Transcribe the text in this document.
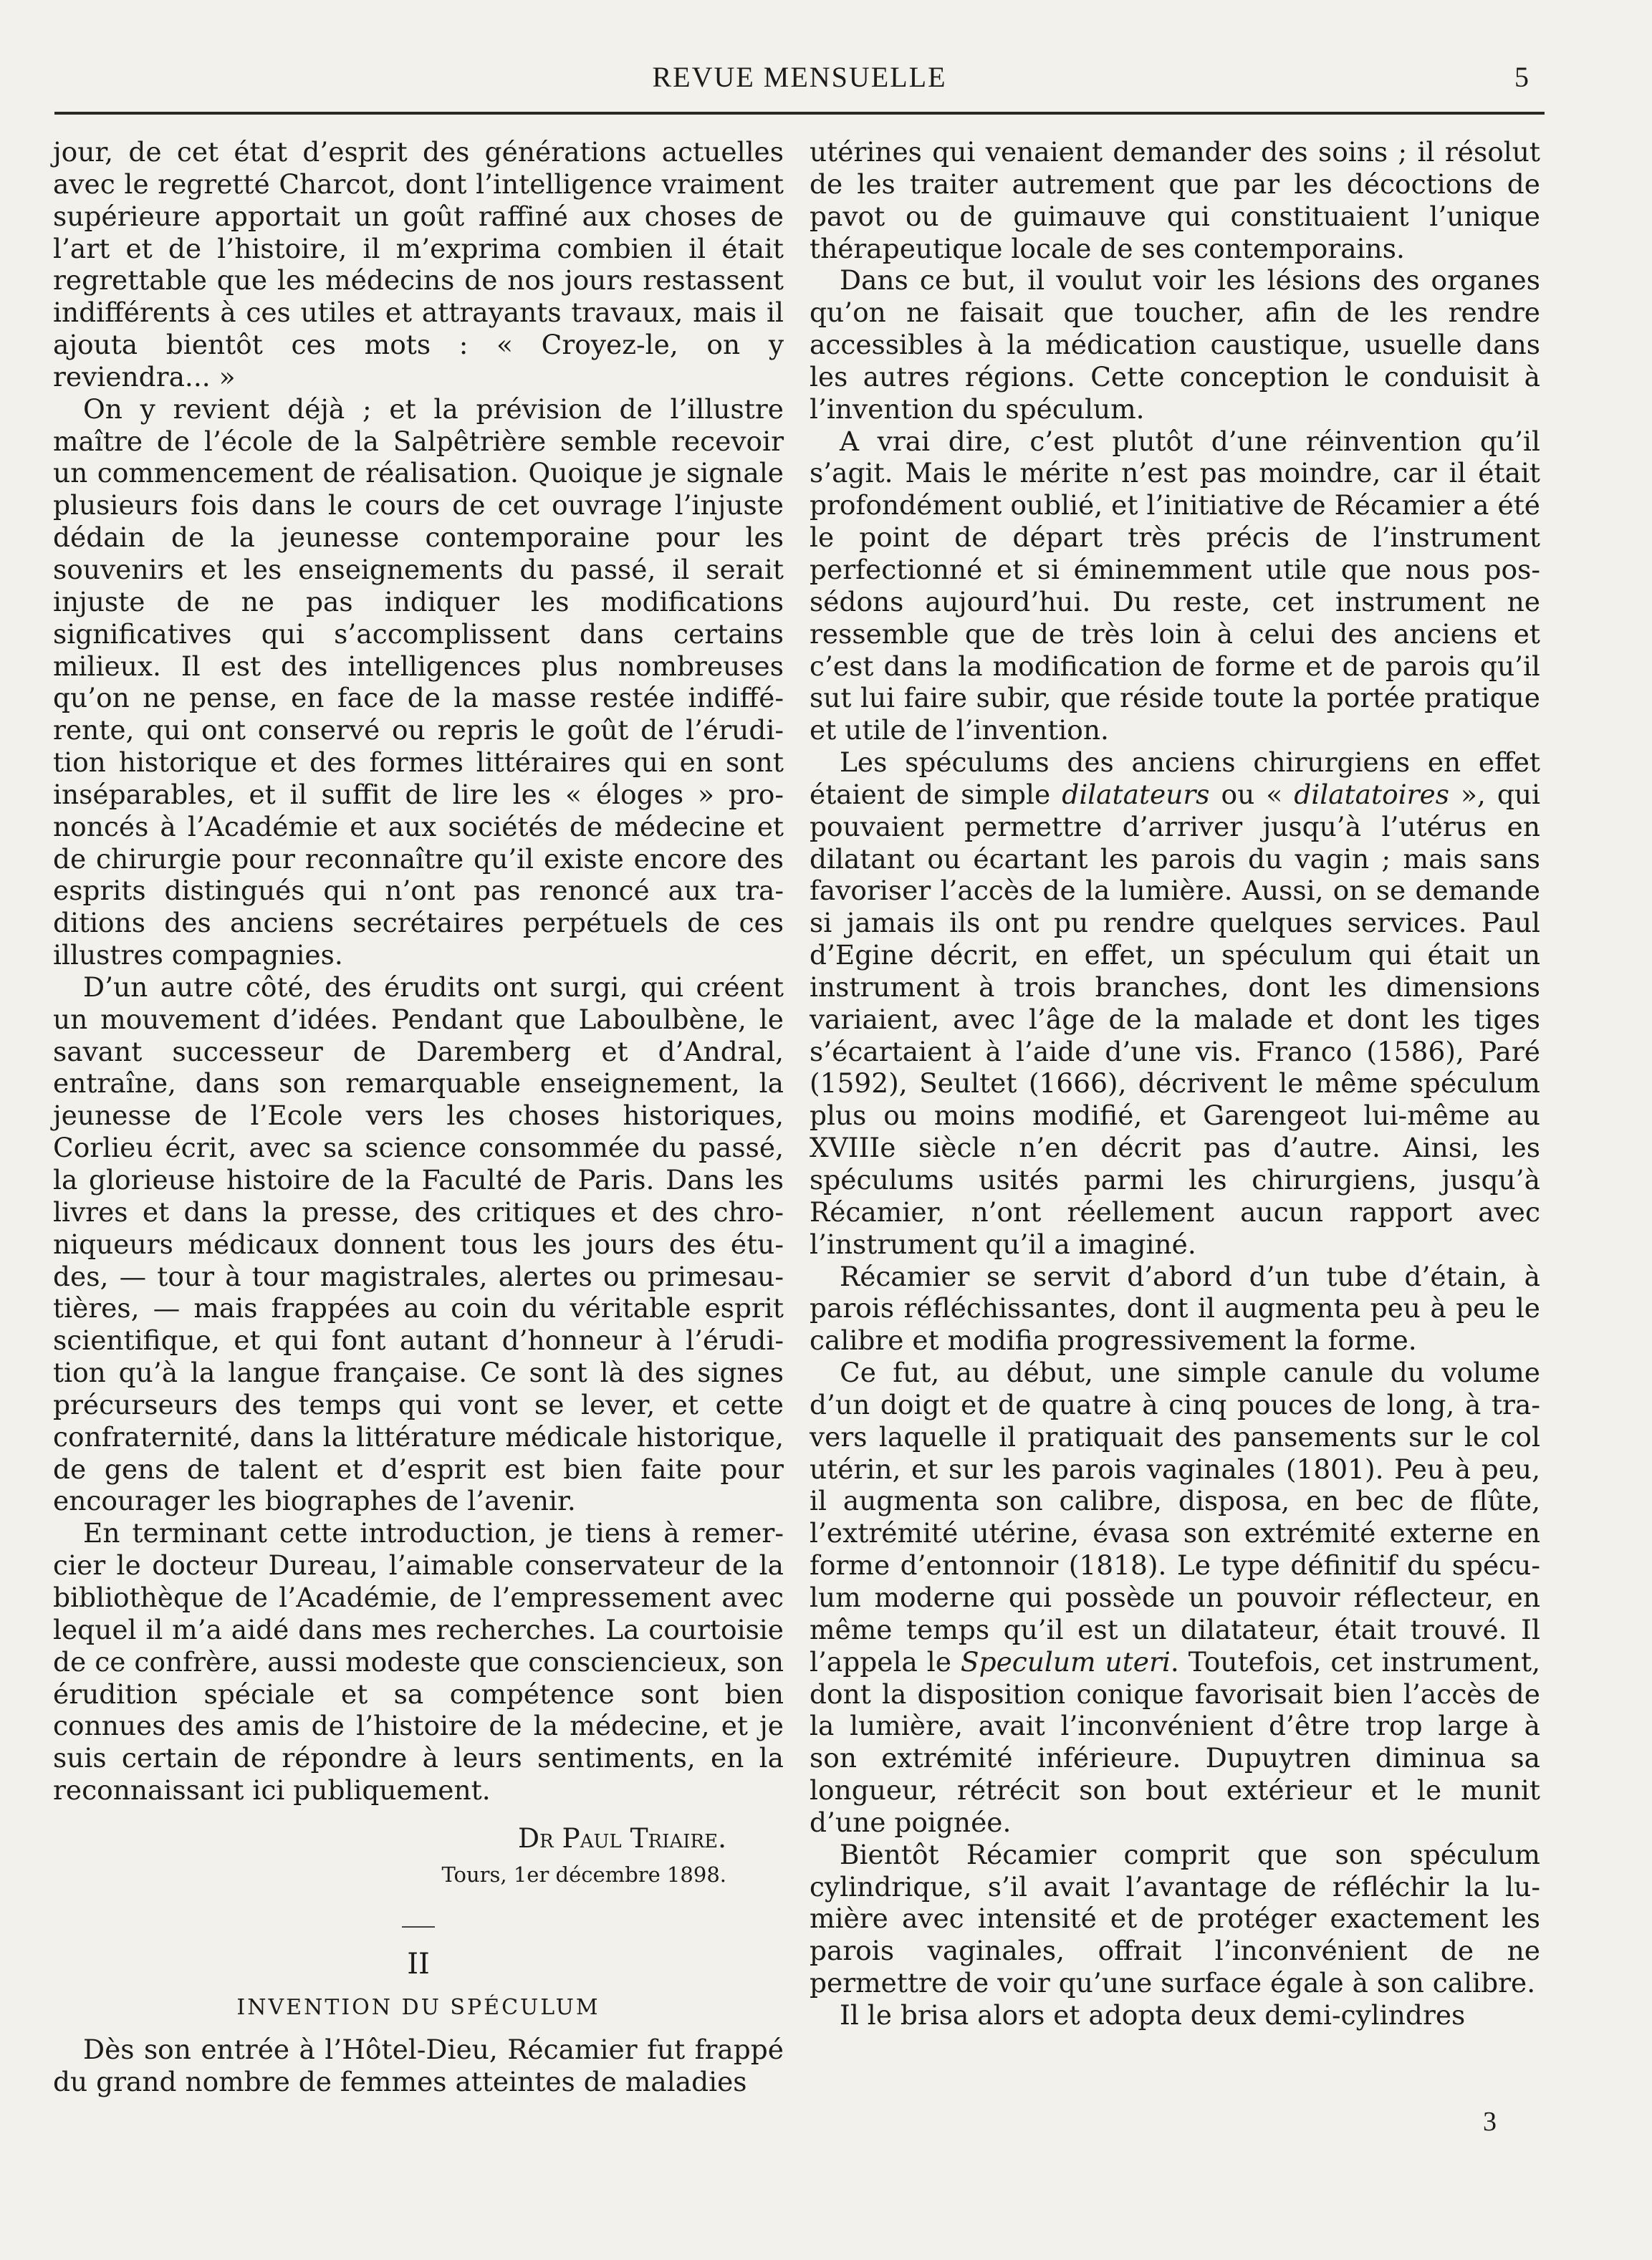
REVUE MENSUELLE	5

jour, de cet état d’esprit des générations actuelles avec le regretté Charcot, dont l’intelligence vraiment supérieure apportait un goût raffiné aux choses de l’art et de l’histoire, il m’exprima combien il était regrettable que les médecins de nos jours restassent indifférents à ces utiles et attrayants travaux, mais il ajouta bientôt ces mots : « Croyez-le, on y reviendra... »

On y revient déjà ; et la prévision de l’illustre maître de l’école de la Salpêtrière semble recevoir un commencement de réalisation. Quoique je signale plusieurs fois dans le cours de cet ouvrage l’injuste dédain de la jeunesse contemporaine pour les souvenirs et les enseignements du passé, il serait injuste de ne pas indiquer les modifications significatives qui s’accomplissent dans certains milieux. Il est des intelligences plus nombreuses qu’on ne pense, en face de la masse restée indifférente, qui ont conservé ou repris le goût de l’érudition historique et des formes littéraires qui en sont inséparables, et il suffit de lire les « éloges » prononcés à l’Académie et aux sociétés de médecine et de chirurgie pour reconnaître qu’il existe encore des esprits distingués qui n’ont pas renoncé aux traditions des anciens secrétaires perpétuels de ces illustres compagnies.

D’un autre côté, des érudits ont surgi, qui créent un mouvement d’idées. Pendant que Laboulbène, le savant successeur de Daremberg et d’Andral, entraîne, dans son remarquable enseignement, la jeunesse de l’Ecole vers les choses historiques, Corlieu écrit, avec sa science consommée du passé, la glorieuse histoire de la Faculté de Paris. Dans les livres et dans la presse, des critiques et des chroniqueurs médicaux donnent tous les jours des études, — tour à tour magistrales, alertes ou primesautières, — mais frappées au coin du véritable esprit scientifique, et qui font autant d’honneur à l’érudition qu’à la langue française. Ce sont là des signes précurseurs des temps qui vont se lever, et cette confraternité, dans la littérature médicale historique, de gens de talent et d’esprit est bien faite pour encourager les biographes de l’avenir.

En terminant cette introduction, je tiens à remercier le docteur Dureau, l’aimable conservateur de la bibliothèque de l’Académie, de l’empressement avec lequel il m’a aidé dans mes recherches. La courtoisie de ce confrère, aussi modeste que consciencieux, son érudition spéciale et sa compétence sont bien connues des amis de l’histoire de la médecine, et je suis certain de répondre à leurs sentiments, en la reconnaissant ici publiquement.

Dr Paul Triaire.
Tours, 1er décembre 1898.
II
INVENTION DU SPÉCULUM

Dès son entrée à l’Hôtel-Dieu, Récamier fut frappé du grand nombre de femmes atteintes de maladies

utérines qui venaient demander des soins ; il résolut de les traiter autrement que par les décoctions de pavot ou de guimauve qui constituaient l’unique thérapeutique locale de ses contemporains.

Dans ce but, il voulut voir les lésions des organes qu’on ne faisait que toucher, afin de les rendre accessibles à la médication caustique, usuelle dans les autres régions. Cette conception le conduisit à l’invention du spéculum.

A vrai dire, c’est plutôt d’une réinvention qu’il s’agit. Mais le mérite n’est pas moindre, car il était profondément oublié, et l’initiative de Récamier a été le point de départ très précis de l’instrument perfectionné et si éminemment utile que nous possédons aujourd’hui. Du reste, cet instrument ne ressemble que de très loin à celui des anciens et c’est dans la modification de forme et de parois qu’il sut lui faire subir, que réside toute la portée pratique et utile de l’invention.

Les spéculums des anciens chirurgiens en effet étaient de simple dilatateurs ou « dilatatoires », qui pouvaient permettre d’arriver jusqu’à l’utérus en dilatant ou écartant les parois du vagin ; mais sans favoriser l’accès de la lumière. Aussi, on se demande si jamais ils ont pu rendre quelques services. Paul d’Egine décrit, en effet, un spéculum qui était un instrument à trois branches, dont les dimensions variaient, avec l’âge de la malade et dont les tiges s’écartaient à l’aide d’une vis. Franco (1586), Paré (1592), Seultet (1666), décrivent le même spéculum plus ou moins modifié, et Garengeot lui-même au XVIIIe siècle n’en décrit pas d’autre. Ainsi, les spéculums usités parmi les chirurgiens, jusqu’à Récamier, n’ont réellement aucun rapport avec l’instrument qu’il a imaginé.

Récamier se servit d’abord d’un tube d’étain, à parois réfléchissantes, dont il augmenta peu à peu le calibre et modifia progressivement la forme.

Ce fut, au début, une simple canule du volume d’un doigt et de quatre à cinq pouces de long, à travers laquelle il pratiquait des pansements sur le col utérin, et sur les parois vaginales (1801). Peu à peu, il augmenta son calibre, disposa, en bec de flûte, l’extrémité utérine, évasa son extrémité externe en forme d’entonnoir (1818). Le type définitif du spéculum moderne qui possède un pouvoir réflecteur, en même temps qu’il est un dilatateur, était trouvé. Il l’appela le Speculum uteri. Toutefois, cet instrument, dont la disposition conique favorisait bien l’accès de la lumière, avait l’inconvénient d’être trop large à son extrémité inférieure. Dupuytren diminua sa longueur, rétrécit son bout extérieur et le munit d’une poignée.

Bientôt Récamier comprit que son spéculum cylindrique, s’il avait l’avantage de réfléchir la lumière avec intensité et de protéger exactement les parois vaginales, offrait l’inconvénient de ne permettre de voir qu’une surface égale à son calibre.

Il le brisa alors et adopta deux demi-cylindres

3
